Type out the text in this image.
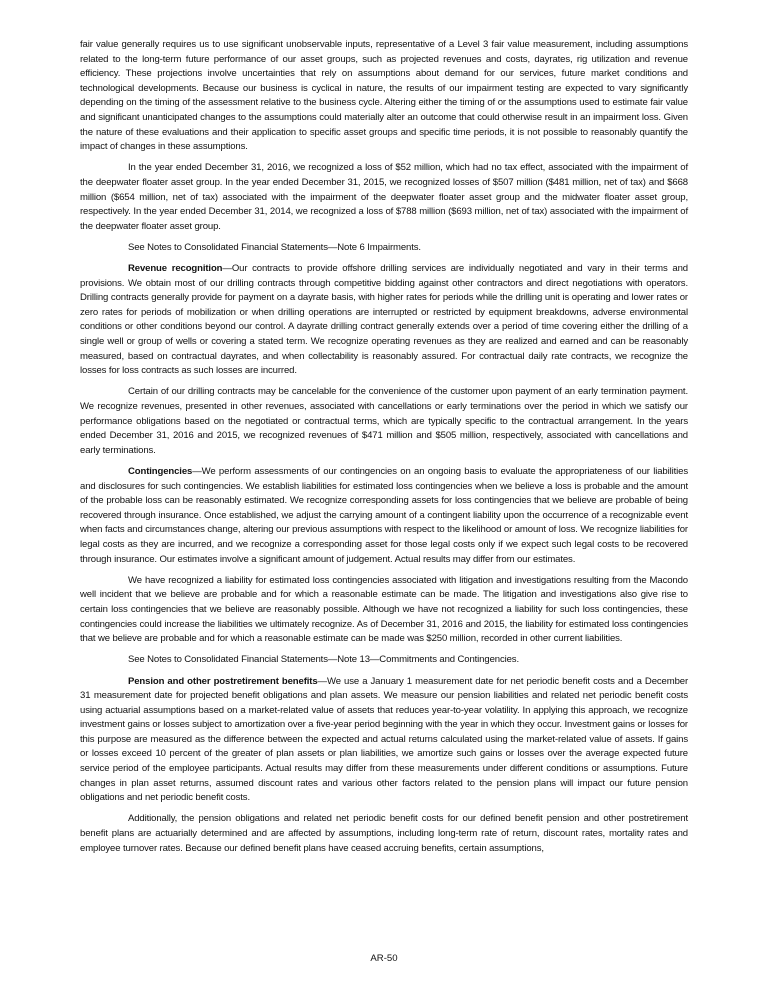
fair value generally requires us to use significant unobservable inputs, representative of a Level 3 fair value measurement, including assumptions related to the long-term future performance of our asset groups, such as projected revenues and costs, dayrates, rig utilization and revenue efficiency. These projections involve uncertainties that rely on assumptions about demand for our services, future market conditions and technological developments. Because our business is cyclical in nature, the results of our impairment testing are expected to vary significantly depending on the timing of the assessment relative to the business cycle. Altering either the timing of or the assumptions used to estimate fair value and significant unanticipated changes to the assumptions could materially alter an outcome that could otherwise result in an impairment loss. Given the nature of these evaluations and their application to specific asset groups and specific time periods, it is not possible to reasonably quantify the impact of changes in these assumptions.

In the year ended December 31, 2016, we recognized a loss of $52 million, which had no tax effect, associated with the impairment of the deepwater floater asset group. In the year ended December 31, 2015, we recognized losses of $507 million ($481 million, net of tax) and $668 million ($654 million, net of tax) associated with the impairment of the deepwater floater asset group and the midwater floater asset group, respectively. In the year ended December 31, 2014, we recognized a loss of $788 million ($693 million, net of tax) associated with the impairment of the deepwater floater asset group.

See Notes to Consolidated Financial Statements—Note 6 Impairments.

Revenue recognition—Our contracts to provide offshore drilling services are individually negotiated and vary in their terms and provisions. We obtain most of our drilling contracts through competitive bidding against other contractors and direct negotiations with operators. Drilling contracts generally provide for payment on a dayrate basis, with higher rates for periods while the drilling unit is operating and lower rates or zero rates for periods of mobilization or when drilling operations are interrupted or restricted by equipment breakdowns, adverse environmental conditions or other conditions beyond our control. A dayrate drilling contract generally extends over a period of time covering either the drilling of a single well or group of wells or covering a stated term. We recognize operating revenues as they are realized and earned and can be reasonably measured, based on contractual dayrates, and when collectability is reasonably assured. For contractual daily rate contracts, we recognize the losses for loss contracts as such losses are incurred.

Certain of our drilling contracts may be cancelable for the convenience of the customer upon payment of an early termination payment. We recognize revenues, presented in other revenues, associated with cancellations or early terminations over the period in which we satisfy our performance obligations based on the negotiated or contractual terms, which are typically specific to the contractual arrangement. In the years ended December 31, 2016 and 2015, we recognized revenues of $471 million and $505 million, respectively, associated with cancellations and early terminations.

Contingencies—We perform assessments of our contingencies on an ongoing basis to evaluate the appropriateness of our liabilities and disclosures for such contingencies. We establish liabilities for estimated loss contingencies when we believe a loss is probable and the amount of the probable loss can be reasonably estimated. We recognize corresponding assets for loss contingencies that we believe are probable of being recovered through insurance. Once established, we adjust the carrying amount of a contingent liability upon the occurrence of a recognizable event when facts and circumstances change, altering our previous assumptions with respect to the likelihood or amount of loss. We recognize liabilities for legal costs as they are incurred, and we recognize a corresponding asset for those legal costs only if we expect such legal costs to be recovered through insurance. Our estimates involve a significant amount of judgement. Actual results may differ from our estimates.

We have recognized a liability for estimated loss contingencies associated with litigation and investigations resulting from the Macondo well incident that we believe are probable and for which a reasonable estimate can be made. The litigation and investigations also give rise to certain loss contingencies that we believe are reasonably possible. Although we have not recognized a liability for such loss contingencies, these contingencies could increase the liabilities we ultimately recognize. As of December 31, 2016 and 2015, the liability for estimated loss contingencies that we believe are probable and for which a reasonable estimate can be made was $250 million, recorded in other current liabilities.

See Notes to Consolidated Financial Statements—Note 13—Commitments and Contingencies.

Pension and other postretirement benefits—We use a January 1 measurement date for net periodic benefit costs and a December 31 measurement date for projected benefit obligations and plan assets. We measure our pension liabilities and related net periodic benefit costs using actuarial assumptions based on a market-related value of assets that reduces year-to-year volatility. In applying this approach, we recognize investment gains or losses subject to amortization over a five-year period beginning with the year in which they occur. Investment gains or losses for this purpose are measured as the difference between the expected and actual returns calculated using the market-related value of assets. If gains or losses exceed 10 percent of the greater of plan assets or plan liabilities, we amortize such gains or losses over the average expected future service period of the employee participants. Actual results may differ from these measurements under different conditions or assumptions. Future changes in plan asset returns, assumed discount rates and various other factors related to the pension plans will impact our future pension obligations and net periodic benefit costs.

Additionally, the pension obligations and related net periodic benefit costs for our defined benefit pension and other postretirement benefit plans are actuarially determined and are affected by assumptions, including long-term rate of return, discount rates, mortality rates and employee turnover rates. Because our defined benefit plans have ceased accruing benefits, certain assumptions,

AR-50
